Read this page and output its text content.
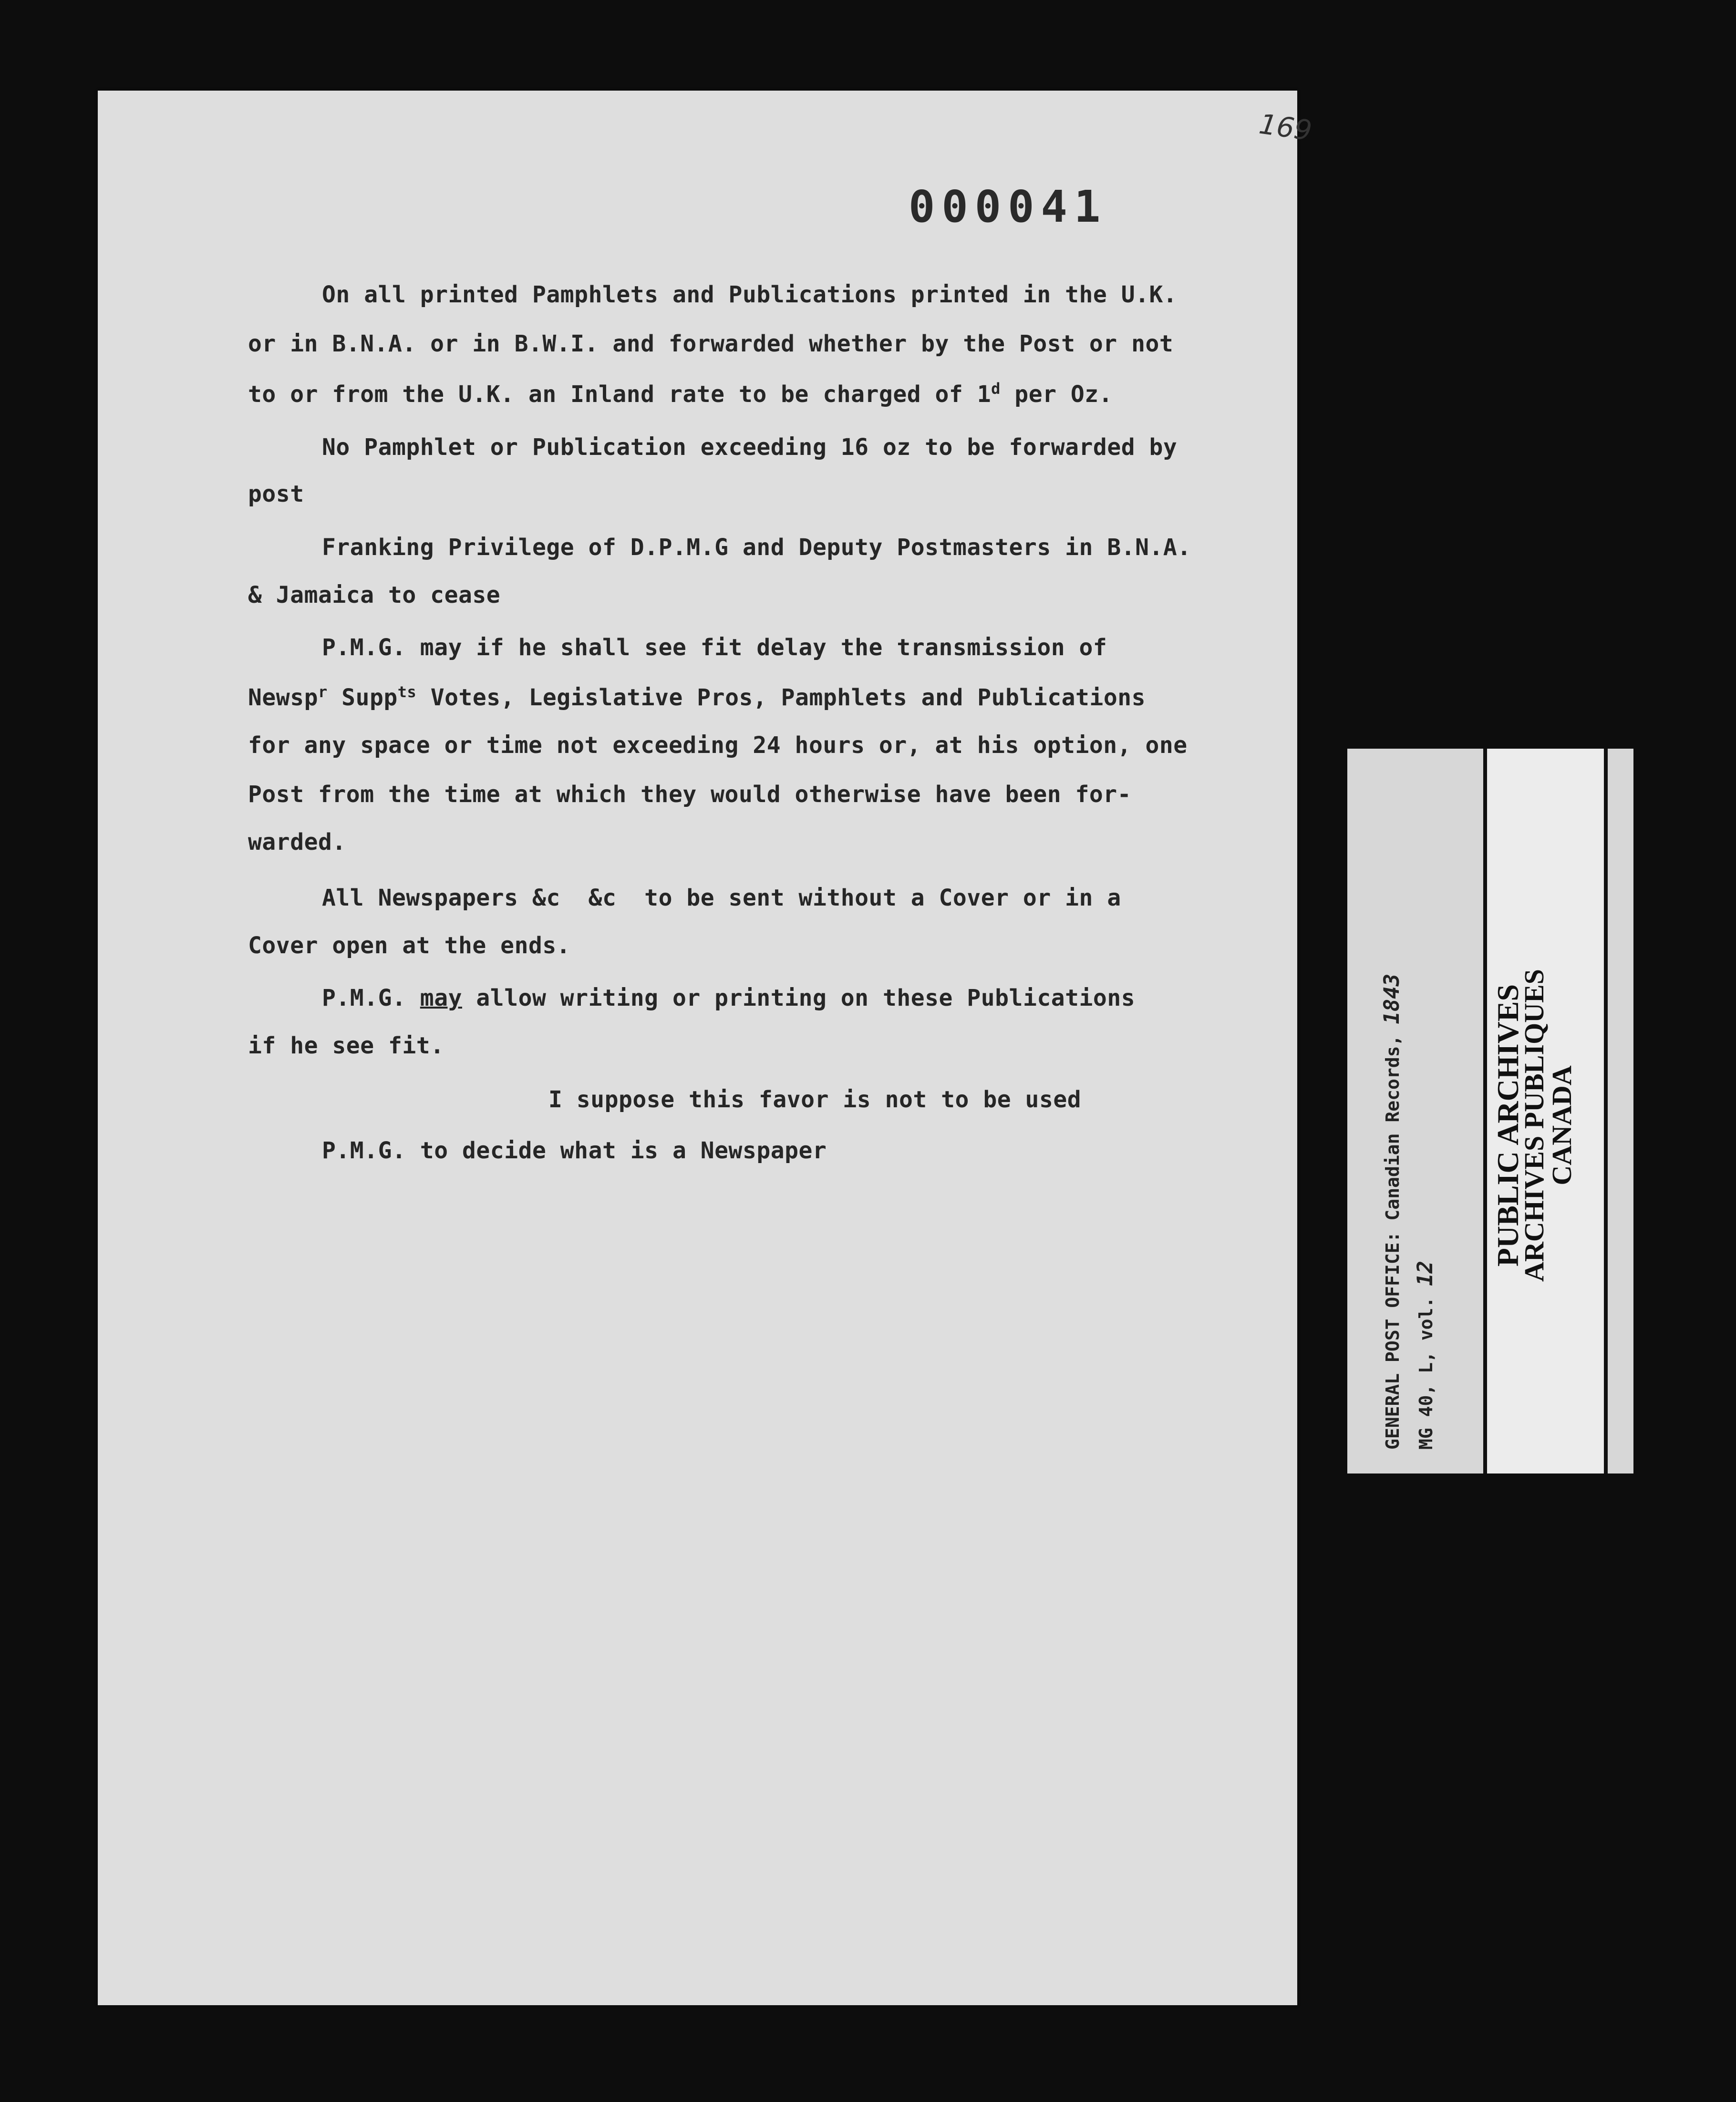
169
000041
On all printed Pamphlets and Publications printed in the U.K.
or in B.N.A. or in B.W.I. and forwarded whether by the Post or not
to or from the U.K. an Inland rate to be charged of 1$^d$ per Oz.
No Pamphlet or Publication exceeding 16 oz to be forwarded by
post
Franking Privilege of D.P.M.G and Deputy Postmasters in B.N.A.
& Jamaica to cease
P.M.G. may if he shall see fit delay the transmission of
Newsp$^r$ Supp$^{ts}$ Votes, Legislative Pros, Pamphlets and Publications
for any space or time not exceeding 24 hours or, at his option, one
Post from the time at which they would otherwise have been for-
warded.
All Newspapers &c  &c  to be sent without a Cover or in a
Cover open at the ends.
P.M.G. may allow writing or printing on these Publications
if he see fit.
I suppose this favor is not to be used
P.M.G. to decide what is a Newspaper	GENERAL POST OFFICE: Canadian Records, 1843
MG 40, L, vol. 12
PUBLIC ARCHIVES
ARCHIVES PUBLIQUES
CANADA
